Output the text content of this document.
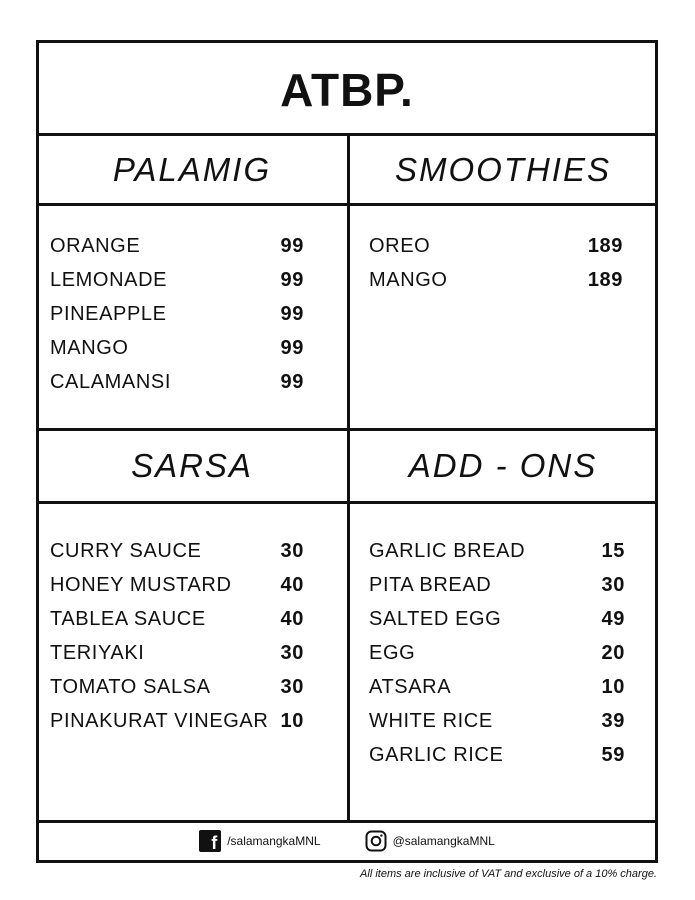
ATBP.
PALAMIG	SMOOTHIES
SARSA	ADD - ONS
ORANGE	99
LEMONADE	99
PINEAPPLE	99
MANGO	99
CALAMANSI	99
OREO	189
MANGO	189
CURRY SAUCE	30
HONEY MUSTARD 40
TABLEA SAUCE	40
TERIYAKI	30
TOMATO SALSA	30
PINAKURAT VINEGAR 10
GARLIC BREAD	15
PITA BREAD	30
SALTED EGG	49
EGG	20
ATSARA	10
WHITE RICE	39
GARLIC RICE	59
f /salamangkaMNL	@salamangkaMNL
All items are inclusive of VAT and exclusive of a 10% charge.
